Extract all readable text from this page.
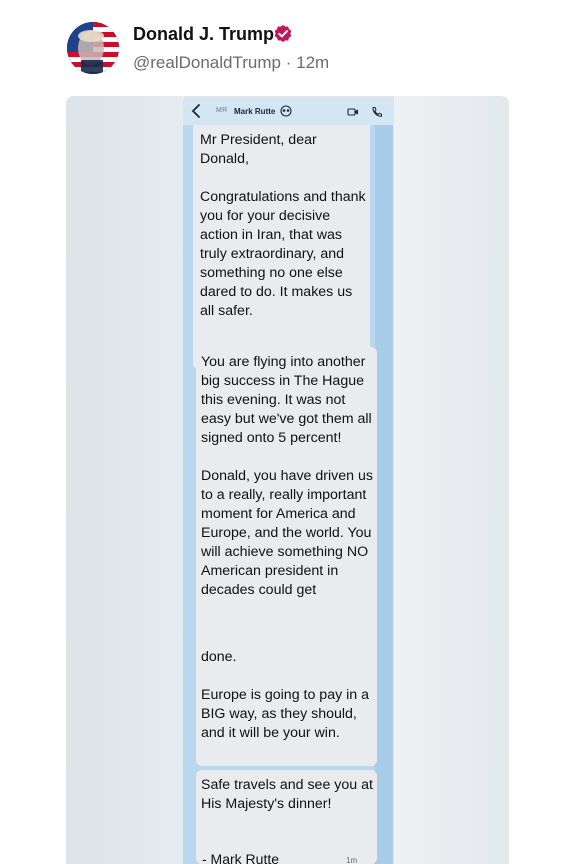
Donald J. Trump
@realDonaldTrump · 12m
MR Mark Rutte

Mr President, dear Donald,

Congratulations and thank you for your decisive action in Iran, that was truly extraordinary, and something no one else dared to do. It makes us all safer.

You are flying into another big success in The Hague this evening. It was not easy but we've got them all signed onto 5 percent!

Donald, you have driven us to a really, really important moment for America and Europe, and the world. You will achieve something NO American president in decades could get

done.

Europe is going to pay in a BIG way, as they should, and it will be your win.

Safe travels and see you at His Majesty's dinner!

- Mark Rutte	1m
